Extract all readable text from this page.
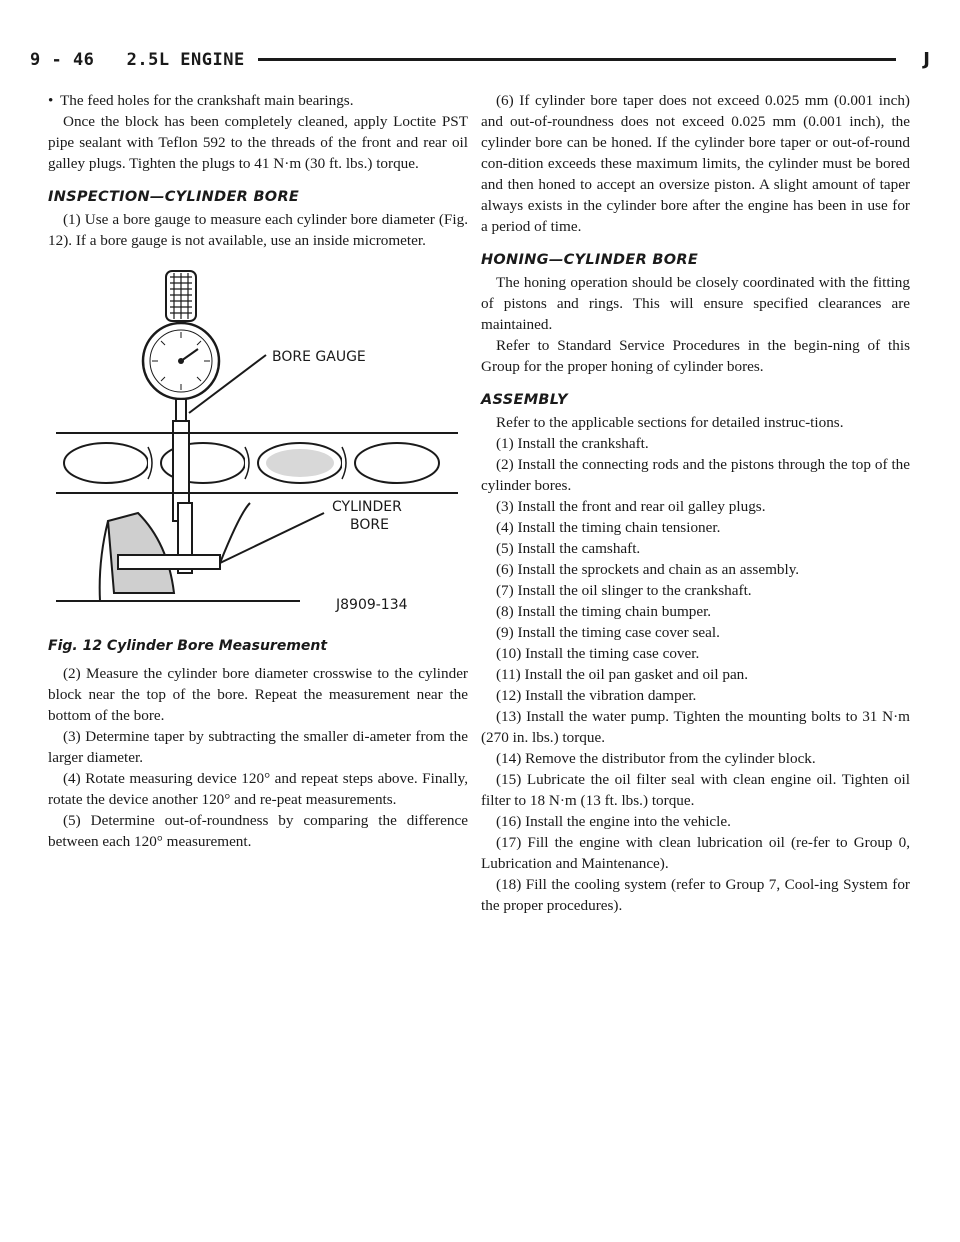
9 - 46   2.5L ENGINE	J

• The feed holes for the crankshaft main bearings.

Once the block has been completely cleaned, apply Loctite PST pipe sealant with Teflon 592 to the threads of the front and rear oil galley plugs. Tighten the plugs to 41 N·m (30 ft. lbs.) torque.

INSPECTION—CYLINDER BORE

(1) Use a bore gauge to measure each cylinder bore diameter (Fig. 12). If a bore gauge is not available, use an inside micrometer.

BORE GAUGE
CYLINDER
BORE
J8909-134
Fig. 12 Cylinder Bore Measurement

(2) Measure the cylinder bore diameter crosswise to the cylinder block near the top of the bore. Repeat the measurement near the bottom of the bore.

(3) Determine taper by subtracting the smaller di-ameter from the larger diameter.

(4) Rotate measuring device 120° and repeat steps above. Finally, rotate the device another 120° and re-peat measurements.

(5) Determine out-of-roundness by comparing the difference between each 120° measurement.

(6) If cylinder bore taper does not exceed 0.025 mm (0.001 inch) and out-of-roundness does not exceed 0.025 mm (0.001 inch), the cylinder bore can be honed. If the cylinder bore taper or out-of-round con-dition exceeds these maximum limits, the cylinder must be bored and then honed to accept an oversize piston. A slight amount of taper always exists in the cylinder bore after the engine has been in use for a period of time.

HONING—CYLINDER BORE

The honing operation should be closely coordinated with the fitting of pistons and rings. This will ensure specified clearances are maintained.

Refer to Standard Service Procedures in the begin-ning of this Group for the proper honing of cylinder bores.

ASSEMBLY

Refer to the applicable sections for detailed instruc-tions.

(1) Install the crankshaft.

(2) Install the connecting rods and the pistons through the top of the cylinder bores.

(3) Install the front and rear oil galley plugs.

(4) Install the timing chain tensioner.

(5) Install the camshaft.

(6) Install the sprockets and chain as an assembly.

(7) Install the oil slinger to the crankshaft.

(8) Install the timing chain bumper.

(9) Install the timing case cover seal.

(10) Install the timing case cover.

(11) Install the oil pan gasket and oil pan.

(12) Install the vibration damper.

(13) Install the water pump. Tighten the mounting bolts to 31 N·m (270 in. lbs.) torque.

(14) Remove the distributor from the cylinder block.

(15) Lubricate the oil filter seal with clean engine oil. Tighten oil filter to 18 N·m (13 ft. lbs.) torque.

(16) Install the engine into the vehicle.

(17) Fill the engine with clean lubrication oil (re-fer to Group 0, Lubrication and Maintenance).

(18) Fill the cooling system (refer to Group 7, Cool-ing System for the proper procedures).
